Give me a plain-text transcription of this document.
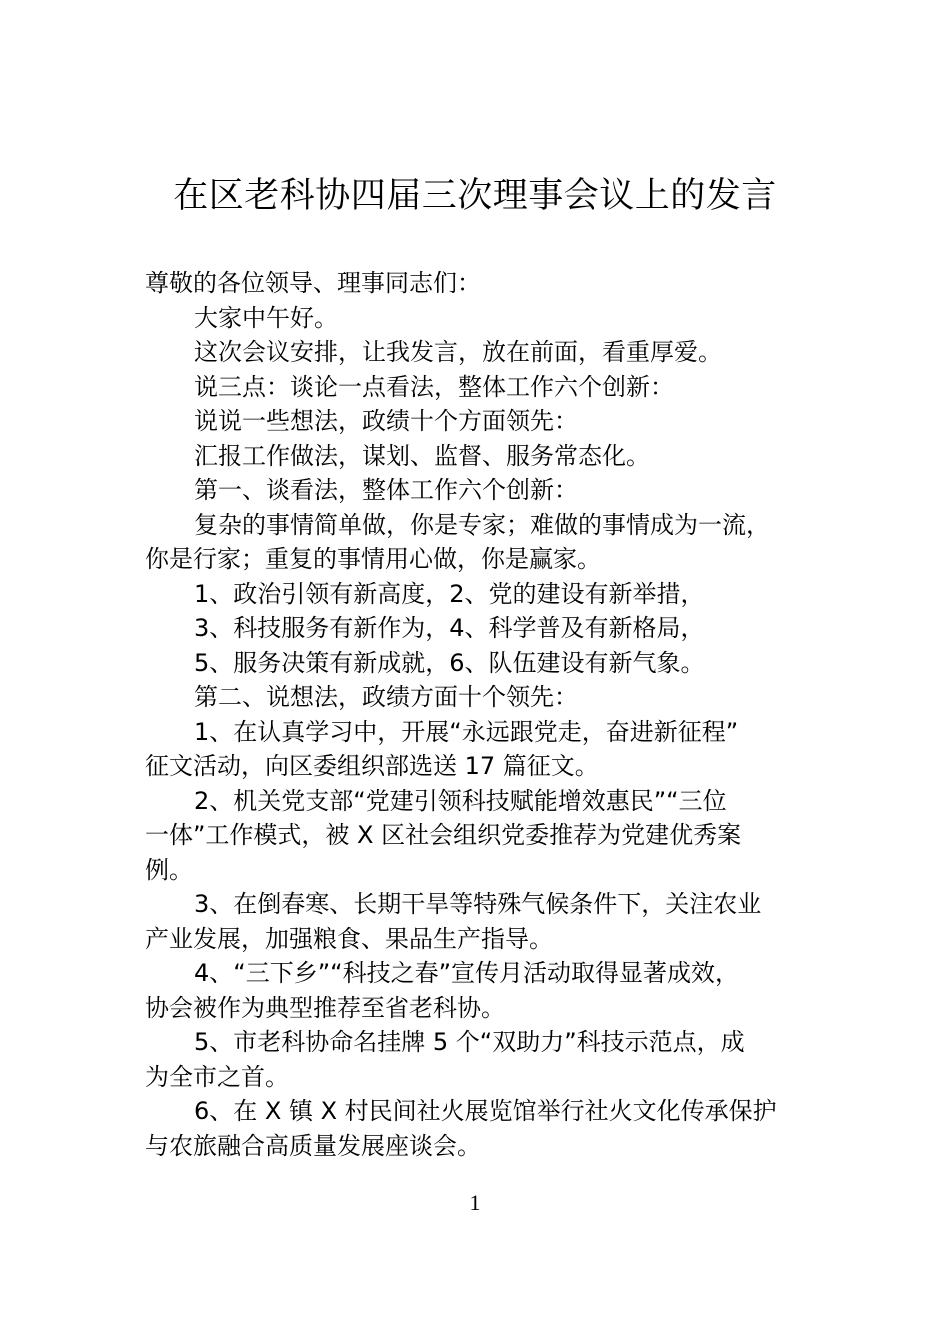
在区老科协四届三次理事会议上的发言
尊敬的各位领导、理事同志们：
大家中午好。
这次会议安排，让我发言，放在前面，看重厚爱。
说三点：谈论一点看法，整体工作六个创新：
说说一些想法，政绩十个方面领先：
汇报工作做法，谋划、监督、服务常态化。
第一、谈看法，整体工作六个创新：
复杂的事情简单做，你是专家；难做的事情成为一流，
你是行家；重复的事情用心做，你是赢家。
1、政治引领有新高度，2、党的建设有新举措，
3、科技服务有新作为，4、科学普及有新格局，
5、服务决策有新成就，6、队伍建设有新气象。
第二、说想法，政绩方面十个领先：
1、在认真学习中，开展“永远跟党走，奋进新征程”
征文活动，向区委组织部选送 17 篇征文。
2、机关党支部“党建引领科技赋能增效惠民”“三位
一体”工作模式，被 X 区社会组织党委推荐为党建优秀案
例。
3、在倒春寒、长期干旱等特殊气候条件下，关注农业
产业发展，加强粮食、果品生产指导。
4、“三下乡”“科技之春”宣传月活动取得显著成效，
协会被作为典型推荐至省老科协。
5、市老科协命名挂牌 5 个“双助力”科技示范点，成
为全市之首。
6、在 X 镇 X 村民间社火展览馆举行社火文化传承保护
与农旅融合高质量发展座谈会。
1
